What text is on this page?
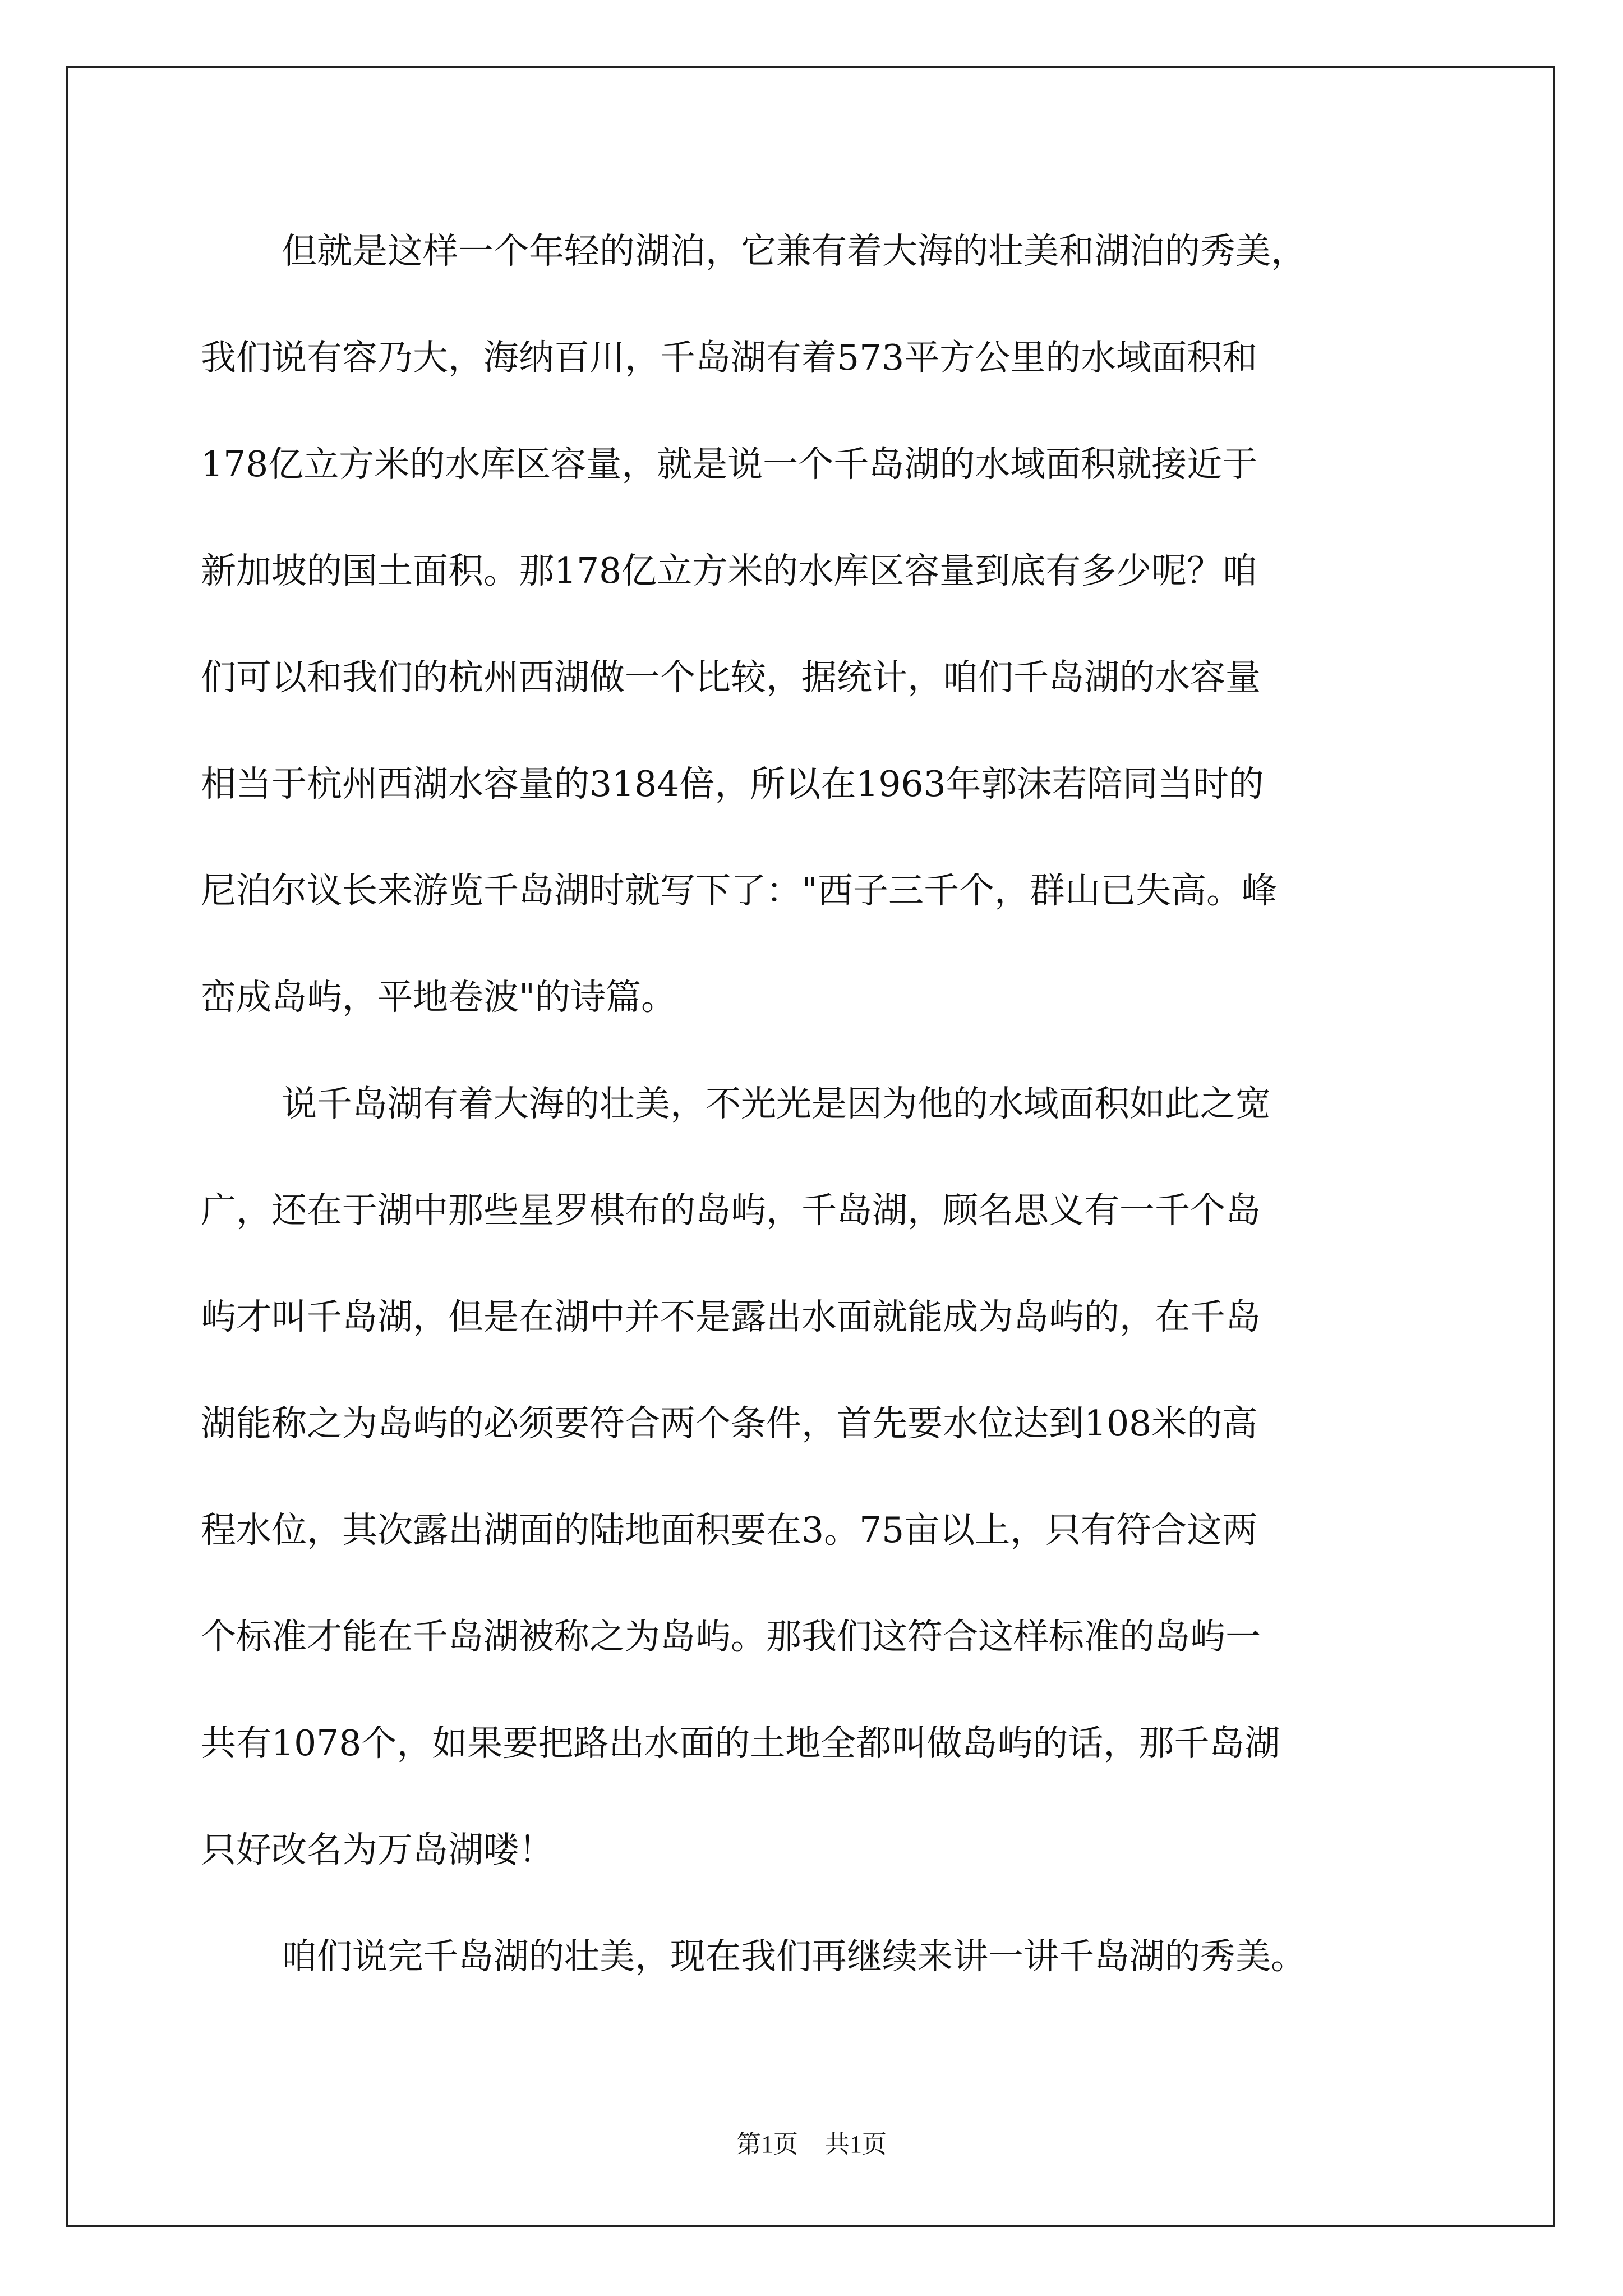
但就是这样一个年轻的湖泊，它兼有着大海的壮美和湖泊的秀美，
我们说有容乃大，海纳百川，千岛湖有着573平方公里的水域面积和
178亿立方米的水库区容量，就是说一个千岛湖的水域面积就接近于
新加坡的国土面积。那178亿立方米的水库区容量到底有多少呢？咱
们可以和我们的杭州西湖做一个比较，据统计，咱们千岛湖的水容量
相当于杭州西湖水容量的3184倍，所以在1963年郭沫若陪同当时的
尼泊尔议长来游览千岛湖时就写下了："西子三千个，群山已失高。峰
峦成岛屿，平地卷波"的诗篇。
说千岛湖有着大海的壮美，不光光是因为他的水域面积如此之宽
广，还在于湖中那些星罗棋布的岛屿，千岛湖，顾名思义有一千个岛
屿才叫千岛湖，但是在湖中并不是露出水面就能成为岛屿的，在千岛
湖能称之为岛屿的必须要符合两个条件，首先要水位达到108米的高
程水位，其次露出湖面的陆地面积要在3。75亩以上，只有符合这两
个标准才能在千岛湖被称之为岛屿。那我们这符合这样标准的岛屿一
共有1078个，如果要把路出水面的土地全都叫做岛屿的话，那千岛湖
只好改名为万岛湖喽！
咱们说完千岛湖的壮美，现在我们再继续来讲一讲千岛湖的秀美。
第1页 共1页
